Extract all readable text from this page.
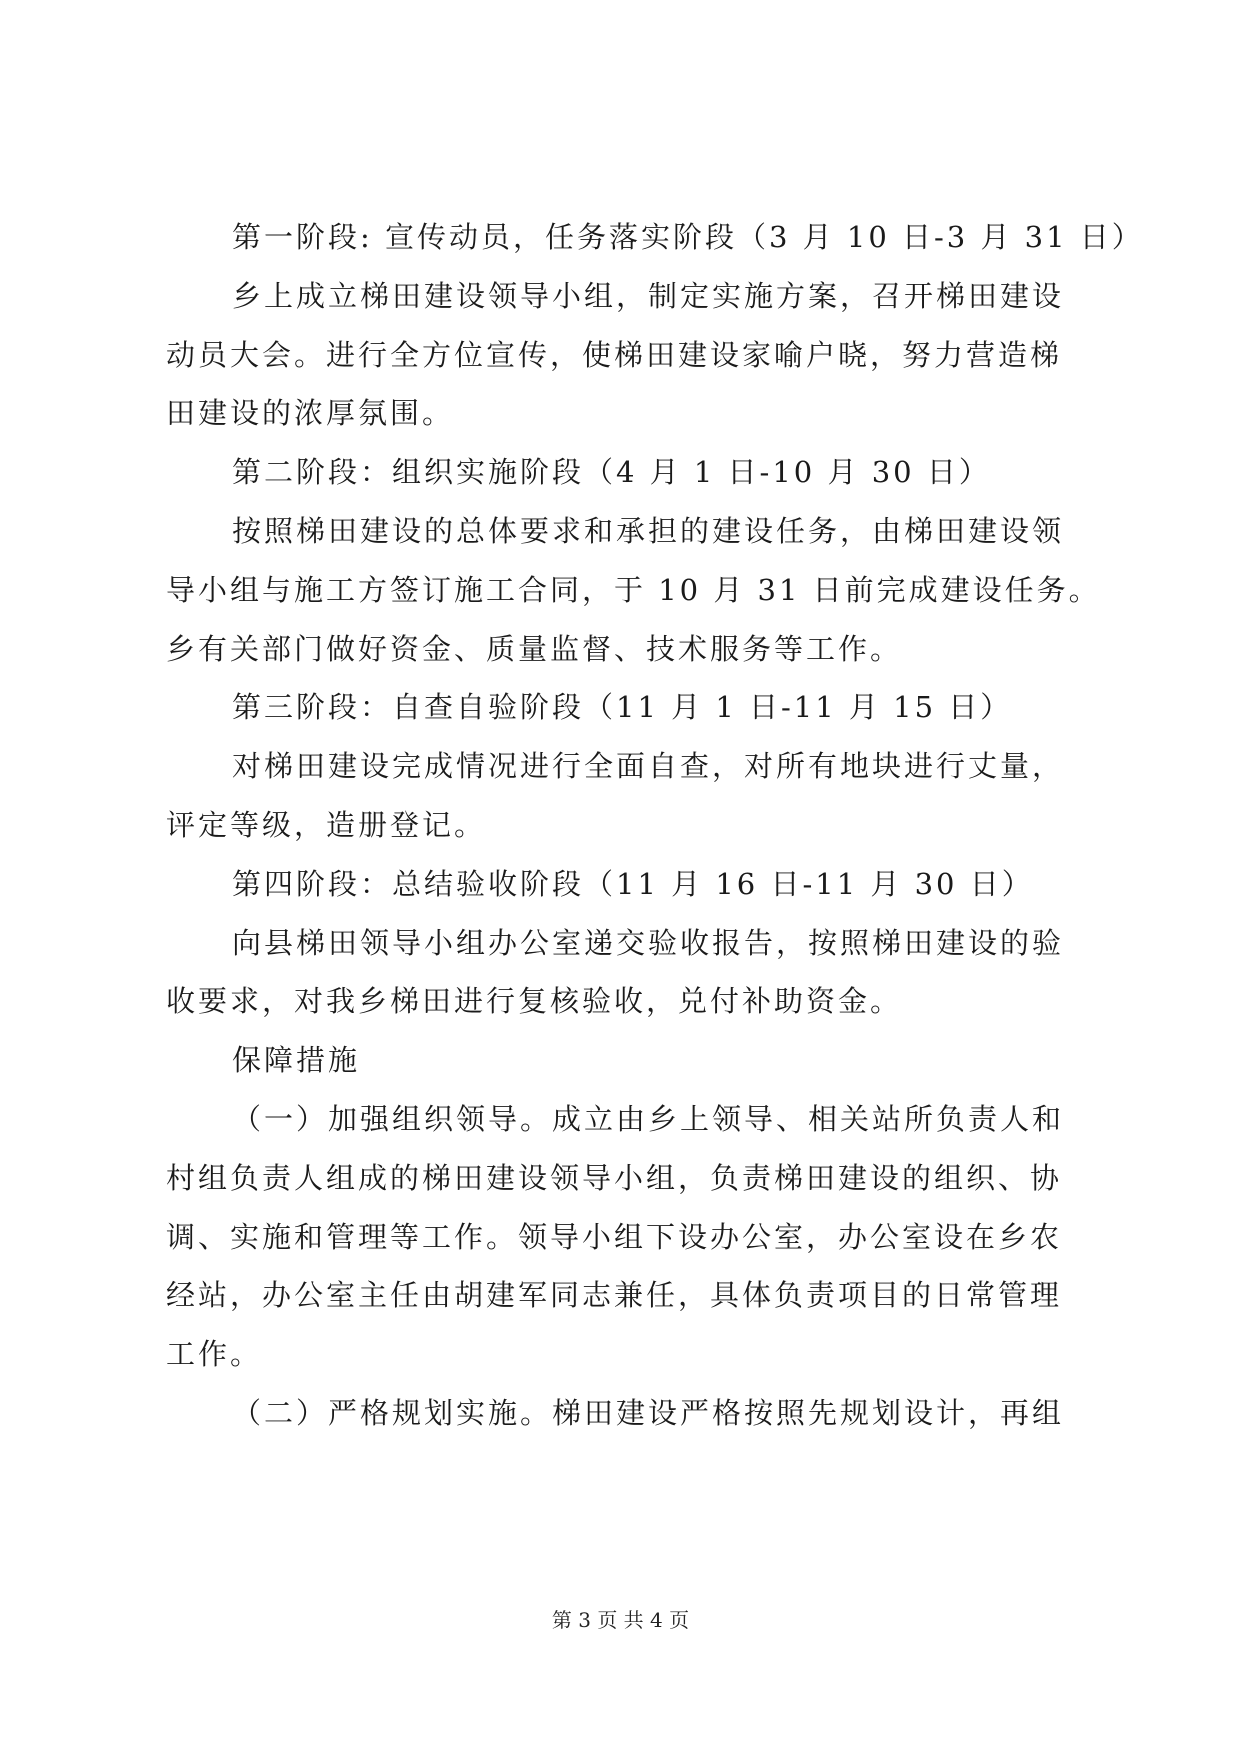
第一阶段: 宣传动员，任务落实阶段（3 月 10 日-3 月 31 日）
乡上成立梯田建设领导小组，制定实施方案，召开梯田建设
动员大会。进行全方位宣传，使梯田建设家喻户晓，努力营造梯
田建设的浓厚氛围。
第二阶段：组织实施阶段（4 月 1 日-10 月 30 日）
按照梯田建设的总体要求和承担的建设任务，由梯田建设领
导小组与施工方签订施工合同，于 10 月 31 日前完成建设任务。
乡有关部门做好资金、质量监督、技术服务等工作。
第三阶段：自查自验阶段（11 月 1 日-11 月 15 日）
对梯田建设完成情况进行全面自查，对所有地块进行丈量，
评定等级，造册登记。
第四阶段：总结验收阶段（11 月 16 日-11 月 30 日）
向县梯田领导小组办公室递交验收报告，按照梯田建设的验
收要求，对我乡梯田进行复核验收，兑付补助资金。
保障措施
（一）加强组织领导。成立由乡上领导、相关站所负责人和
村组负责人组成的梯田建设领导小组，负责梯田建设的组织、协
调、实施和管理等工作。领导小组下设办公室，办公室设在乡农
经站，办公室主任由胡建军同志兼任，具体负责项目的日常管理
工作。
（二）严格规划实施。梯田建设严格按照先规划设计，再组
第 3 页 共 4 页
